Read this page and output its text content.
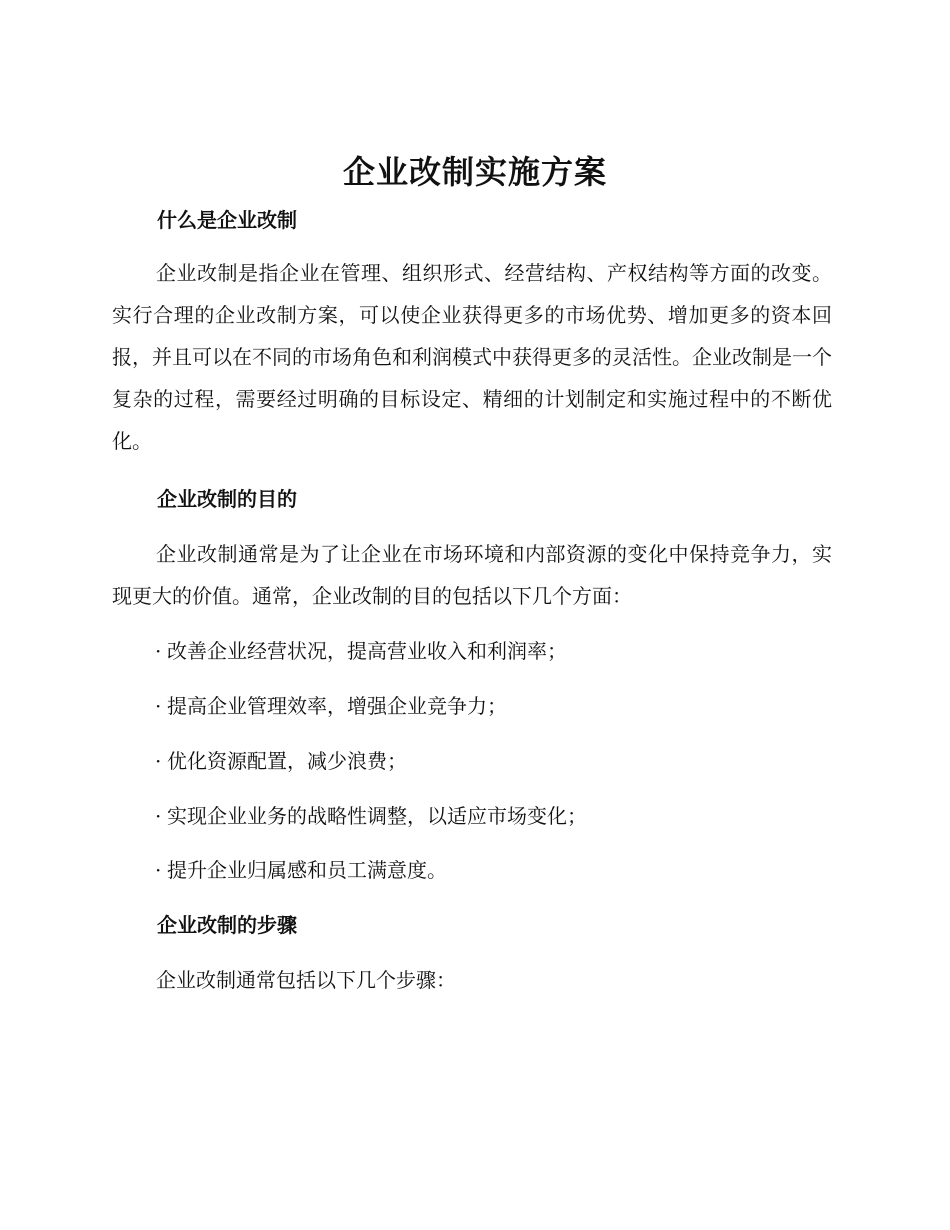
企业改制实施方案
什么是企业改制

企业改制是指企业在管理、组织形式、经营结构、产权结构等方面的改变。实行合理的企业改制方案，可以使企业获得更多的市场优势、增加更多的资本回报，并且可以在不同的市场角色和利润模式中获得更多的灵活性。企业改制是一个复杂的过程，需要经过明确的目标设定、精细的计划制定和实施过程中的不断优化。

企业改制的目的

企业改制通常是为了让企业在市场环境和内部资源的变化中保持竞争力，实现更大的价值。通常，企业改制的目的包括以下几个方面：

· 改善企业经营状况，提高营业收入和利润率；

· 提高企业管理效率，增强企业竞争力；

· 优化资源配置，减少浪费；

· 实现企业业务的战略性调整，以适应市场变化；

· 提升企业归属感和员工满意度。

企业改制的步骤

企业改制通常包括以下几个步骤：
